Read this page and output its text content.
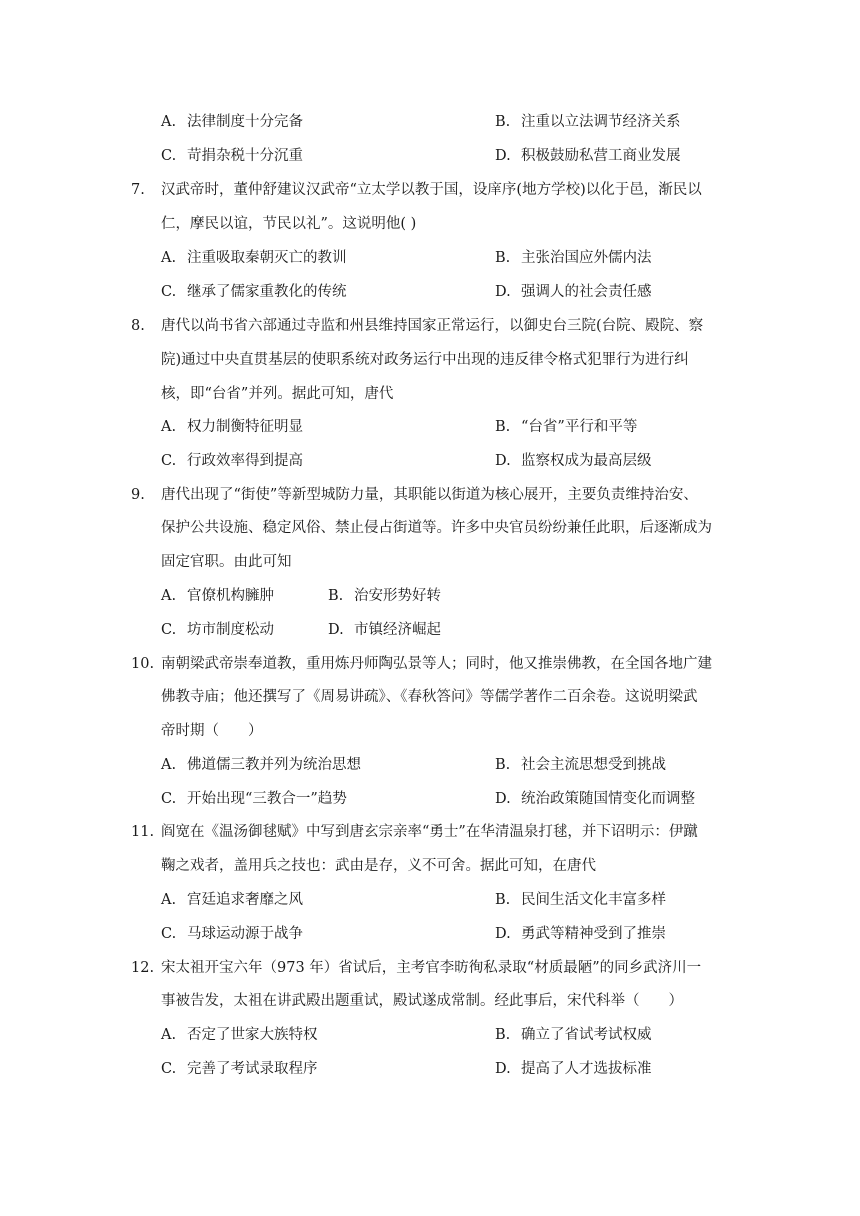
A. 法律制度十分完备	B. 注重以立法调节经济关系
C. 苛捐杂税十分沉重	D. 积极鼓励私营工商业发展
7. 汉武帝时，董仲舒建议汉武帝“立太学以教于国，设庠序(地方学校)以化于邑，渐民以
仁，摩民以谊，节民以礼”。这说明他( )
A. 注重吸取秦朝灭亡的教训	B. 主张治国应外儒内法
C. 继承了儒家重教化的传统	D. 强调人的社会责任感
8. 唐代以尚书省六部通过寺监和州县维持国家正常运行，以御史台三院(台院、殿院、察
院)通过中央直贯基层的使职系统对政务运行中出现的违反律令格式犯罪行为进行纠
核，即“台省”并列。据此可知，唐代
A. 权力制衡特征明显	B. “台省”平行和平等
C. 行政效率得到提高	D. 监察权成为最高层级
9. 唐代出现了“街使”等新型城防力量，其职能以街道为核心展开，主要负责维持治安、
保护公共设施、稳定风俗、禁止侵占街道等。许多中央官员纷纷兼任此职，后逐渐成为
固定官职。由此可知
A. 官僚机构臃肿	B. 治安形势好转
C. 坊市制度松动	D. 市镇经济崛起
10. 南朝梁武帝崇奉道教，重用炼丹师陶弘景等人；同时，他又推崇佛教，在全国各地广建
佛教寺庙；他还撰写了《周易讲疏》、《春秋答问》等儒学著作二百余卷。这说明梁武
帝时期（　　）
A. 佛道儒三教并列为统治思想	B. 社会主流思想受到挑战
C. 开始出现“三教合一”趋势	D. 统治政策随国情变化而调整
11. 阎宽在《温汤御毬赋》中写到唐玄宗亲率“勇士”在华清温泉打毬，并下诏明示：伊蹴
鞠之戏者，盖用兵之技也：武由是存，义不可舍。据此可知，在唐代
A. 宫廷追求奢靡之风	B. 民间生活文化丰富多样
C. 马球运动源于战争	D. 勇武等精神受到了推崇
12. 宋太祖开宝六年（973 年）省试后，主考官李昉徇私录取“材质最陋”的同乡武济川一
事被告发，太祖在讲武殿出题重试，殿试遂成常制。经此事后，宋代科举（　　）
A. 否定了世家大族特权	B. 确立了省试考试权威
C. 完善了考试录取程序	D. 提高了人才选拔标准
